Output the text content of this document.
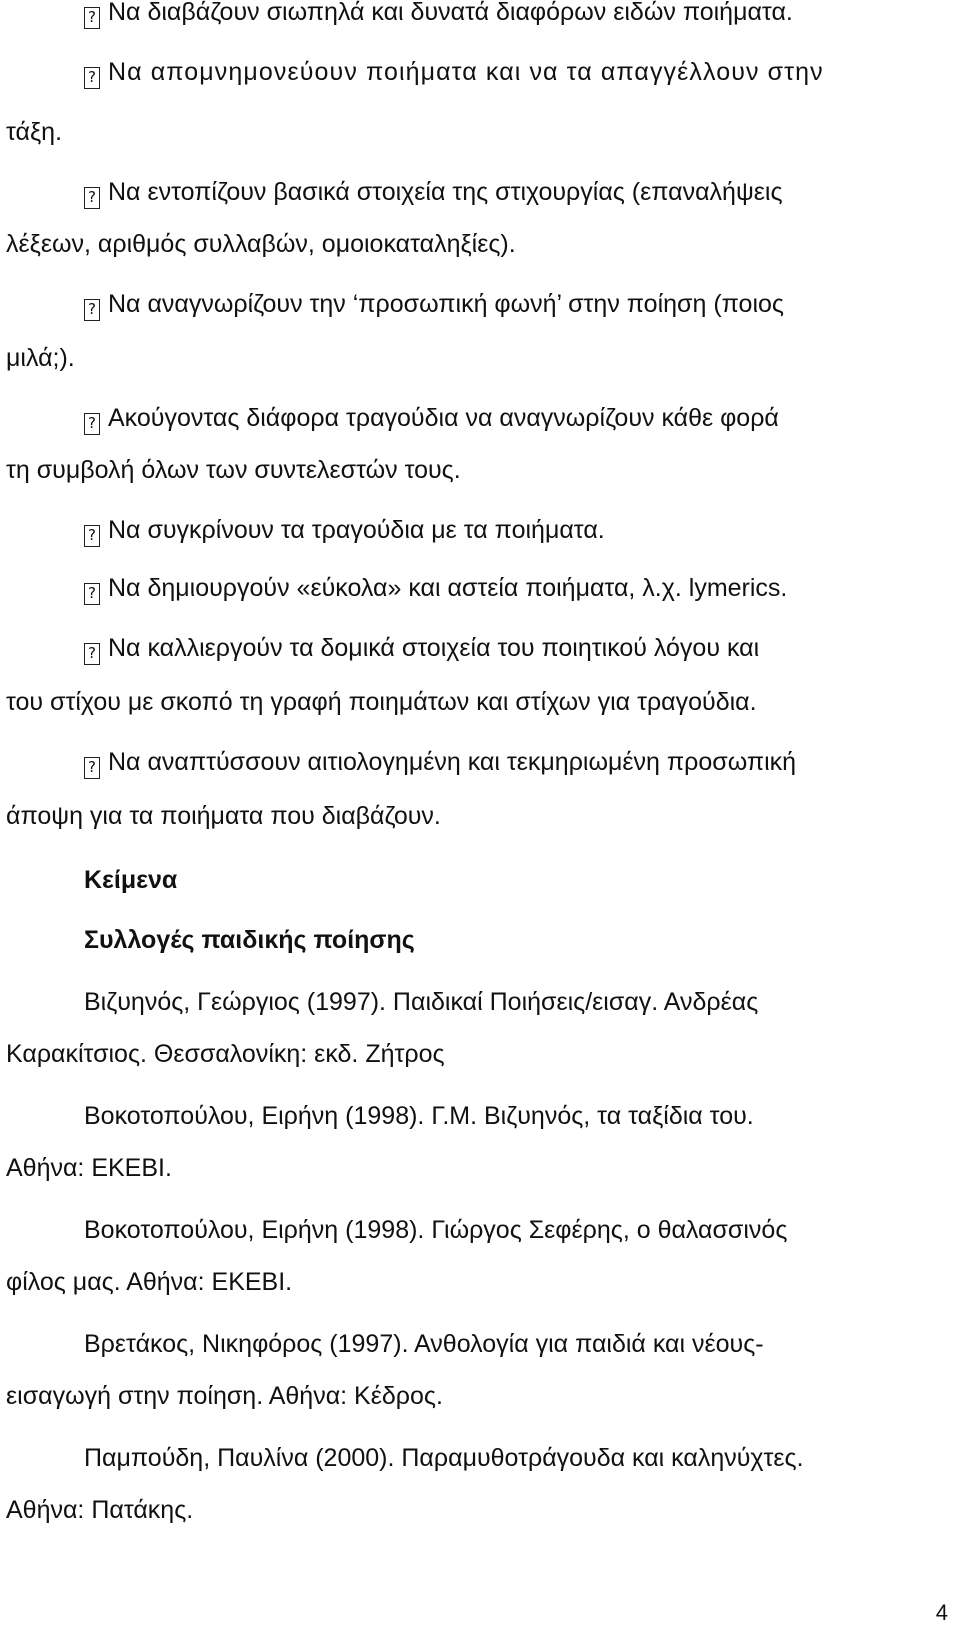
? Να διαβάζουν σιωπηλά και δυνατά διαφόρων ειδών ποιήματα.
? Να απομνημονεύουν ποιήματα και να τα απαγγέλλουν στην
τάξη.
? Να εντοπίζουν βασικά στοιχεία της στιχουργίας (επαναλήψεις
λέξεων, αριθμός συλλαβών, ομοιοκαταληξίες).
? Να αναγνωρίζουν την ‘προσωπική φωνή’ στην ποίηση (ποιος
μιλά;).
? Ακούγοντας διάφορα τραγούδια να αναγνωρίζουν κάθε φορά
τη συμβολή όλων των συντελεστών τους.
? Να συγκρίνουν τα τραγούδια με τα ποιήματα.
? Να δημιουργούν «εύκολα» και αστεία ποιήματα, λ.χ. lymerics.
? Να καλλιεργούν τα δομικά στοιχεία του ποιητικού λόγου και
του στίχου με σκοπό τη γραφή ποιημάτων και στίχων για τραγούδια.
? Να αναπτύσσουν αιτιολογημένη και τεκμηριωμένη προσωπική
άποψη για τα ποιήματα που διαβάζουν.
Κείμενα
Συλλογές παιδικής ποίησης
Βιζυηνός, Γεώργιος (1997). Παιδικαί Ποιήσεις/εισαγ. Ανδρέας
Καρακίτσιος. Θεσσαλονίκη: εκδ. Ζήτρος
Βοκοτοπούλου, Ειρήνη (1998). Γ.Μ. Βιζυηνός, τα ταξίδια του.
Αθήνα: ΕΚΕΒΙ.
Βοκοτοπούλου, Ειρήνη (1998). Γιώργος Σεφέρης, ο θαλασσινός
φίλος μας. Αθήνα: ΕΚΕΒΙ.
Βρετάκος, Νικηφόρος (1997). Ανθολογία για παιδιά και νέους-
εισαγωγή στην ποίηση. Αθήνα: Κέδρος.
Παμπούδη, Παυλίνα (2000). Παραμυθοτράγουδα και καληνύχτες.
Αθήνα: Πατάκης.
4
